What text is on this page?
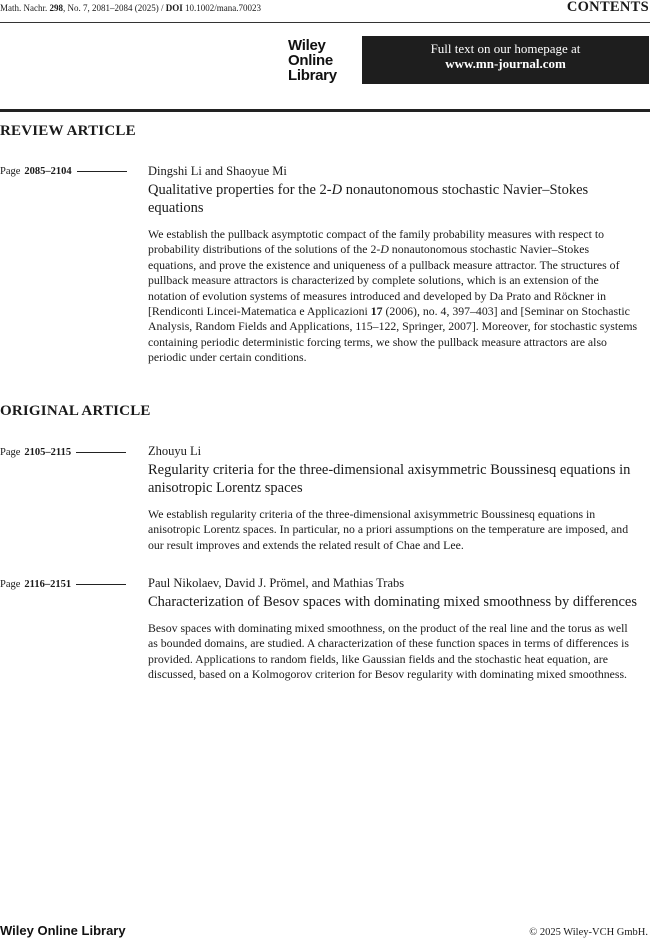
Math. Nachr. 298, No. 7, 2081–2084 (2025) / DOI 10.1002/mana.70023	CONTENTS
Wiley
Online
Library
Full text on our homepage at
www.mn-journal.com
REVIEW ARTICLE
Page 2085–2104	Dingshi Li and Shaoyue Mi
Qualitative properties for the 2-D nonautonomous stochastic Navier–Stokes equations
We establish the pullback asymptotic compact of the family probability measures with respect to probability distributions of the solutions of the 2-D nonautonomous stochastic Navier–Stokes equations, and prove the existence and uniqueness of a pullback measure attractor. The structures of pullback measure attractors is characterized by complete solutions, which is an extension of the notation of evolution systems of measures introduced and developed by Da Prato and Röckner in [Rendiconti Lincei-Matematica e Applicazioni 17 (2006), no. 4, 397–403] and [Seminar on Stochastic Analysis, Random Fields and Applications, 115–122, Springer, 2007]. Moreover, for stochastic systems containing periodic deterministic forcing terms, we show the pullback measure attractors are also periodic under certain conditions.
ORIGINAL ARTICLE
Page 2105–2115	Zhouyu Li
Regularity criteria for the three-dimensional axisymmetric Boussinesq equations in anisotropic Lorentz spaces
We establish regularity criteria of the three-dimensional axisymmetric Boussinesq equations in anisotropic Lorentz spaces. In particular, no a priori assumptions on the temperature are imposed, and our result improves and extends the related result of Chae and Lee.
Page 2116–2151	Paul Nikolaev, David J. Prömel, and Mathias Trabs
Characterization of Besov spaces with dominating mixed smoothness by differences
Besov spaces with dominating mixed smoothness, on the product of the real line and the torus as well as bounded domains, are studied. A characterization of these function spaces in terms of differences is provided. Applications to random fields, like Gaussian fields and the stochastic heat equation, are discussed, based on a Kolmogorov criterion for Besov regularity with dominating mixed smoothness.
Wiley Online Library	© 2025 Wiley-VCH GmbH.
